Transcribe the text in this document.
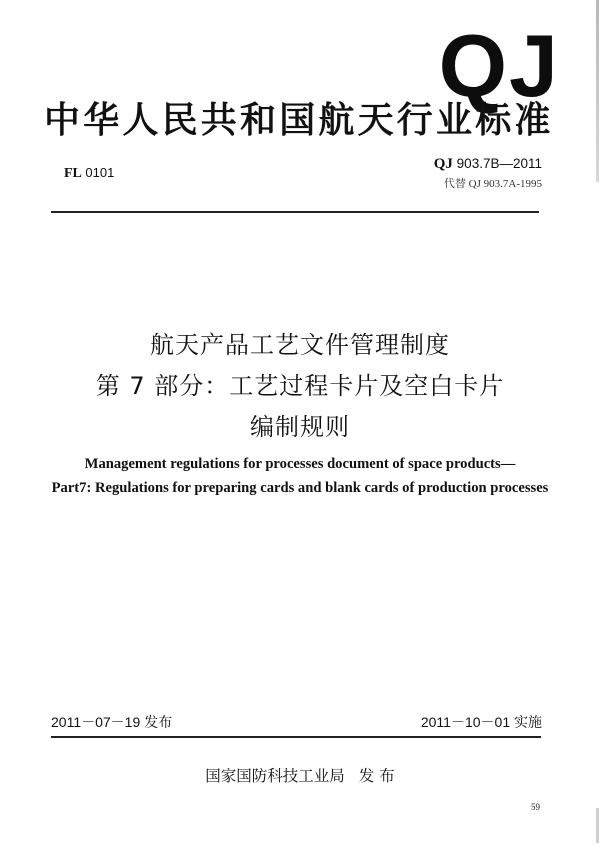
QJ
中华人民共和国航天行业标准
FL 0101
QJ 903.7B—2011
代替 QJ 903.7A-1995
航天产品工艺文件管理制度
第 7 部分：工艺过程卡片及空白卡片
编制规则
Management regulations for processes document of space products—
Part7: Regulations for preparing cards and blank cards of production processes
2011－07－19 发布	2011－10－01 实施
国家国防科技工业局 发 布
59
